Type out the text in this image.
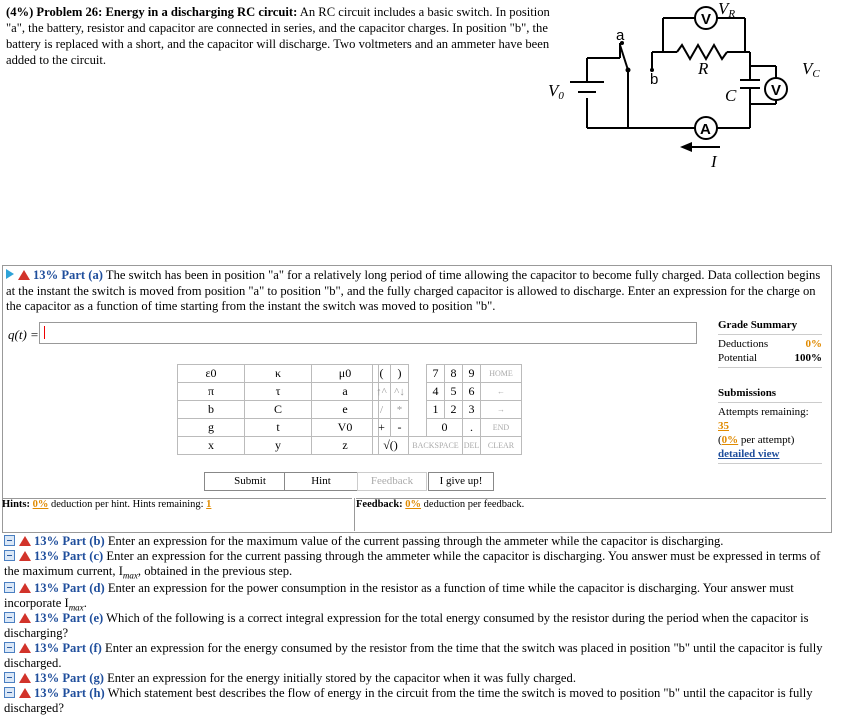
(4%) Problem 26: Energy in a discharging RC circuit: An RC circuit includes a basic switch. In position "a", the battery, resistor and capacitor are connected in series, and the capacitor charges. In position "b", the battery is replaced with a short, and the capacitor will discharge. Two voltmeters and an ammeter have been added to the circuit.
V
V
A
a
b
R
C
I
V0
VR
VC
13% Part (a) The switch has been in position "a" for a relatively long period of time allowing the capacitor to become fully charged. Data collection begins at the instant the switch is moved from position "a" to position "b", and the fully charged capacitor is allowed to discharge. Enter an expression for the charge on the capacitor as a function of time starting from the instant the switch was moved to position "b".
q(t) =
Grade Summary
Deductions	0%
Potential	100%
Submissions
Attempts remaining: 35
(0% per attempt)
detailed view
ε0	κ	μ0
π	τ	a
b	C	e
g	t	V0
x	y	z
(	)		7	8	9	HOME
↑^	^↓		4	5	6	←
/	*		1	2	3	→
+	-		0		.	END
√()		BACKSPACE			DEL	CLEAR
Submit	Hint	Feedback	I give up!
Hints: 0% deduction per hint. Hints remaining: 1	Feedback: 0% deduction per feedback.
13% Part (b) Enter an expression for the maximum value of the current passing through the ammeter while the capacitor is discharging.
13% Part (c) Enter an expression for the current passing through the ammeter while the capacitor is discharging. You answer must be expressed in terms of the maximum current, $I_{max}$, obtained in the previous step.
13% Part (d) Enter an expression for the power consumption in the resistor as a function of time while the capacitor is discharging. Your answer must incorporate $I_{max}$.
13% Part (e) Which of the following is a correct integral expression for the total energy consumed by the resistor during the period when the capacitor is discharging?
13% Part (f) Enter an expression for the energy consumed by the resistor from the time that the switch was placed in position "b" until the capacitor is fully discharged.
13% Part (g) Enter an expression for the energy initially stored by the capacitor when it was fully charged.
13% Part (h) Which statement best describes the flow of energy in the circuit from the time the switch is moved to position "b" until the capacitor is fully discharged?
